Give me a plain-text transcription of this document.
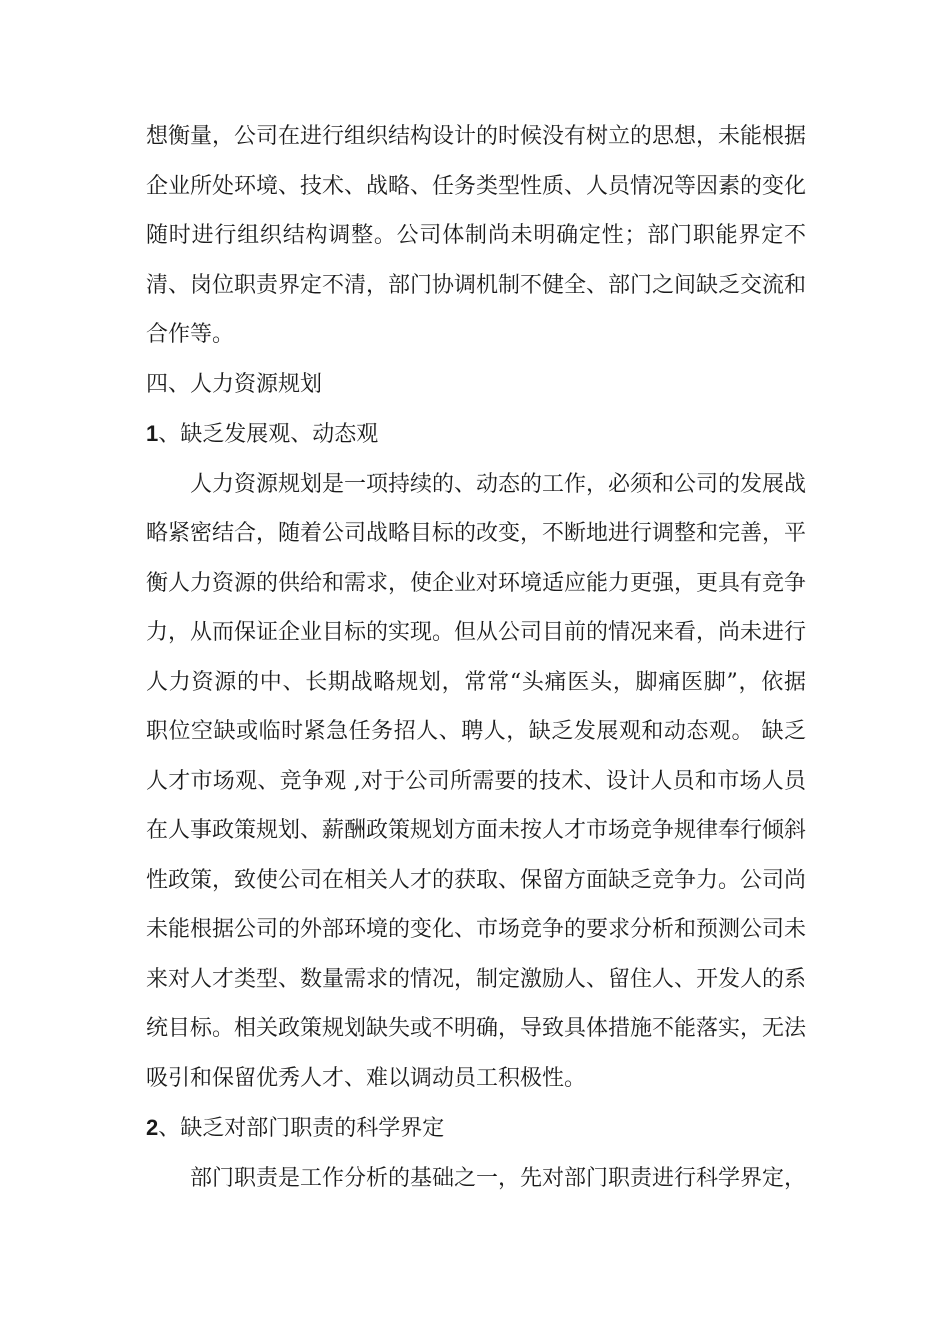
想衡量，公司在进行组织结构设计的时候没有树立的思想，未能根据企业所处环境、技术、战略、任务类型性质、人员情况等因素的变化随时进行组织结构调整。公司体制尚未明确定性；部门职能界定不清、岗位职责界定不清，部门协调机制不健全、部门之间缺乏交流和合作等。

四、人力资源规划

1、缺乏发展观、动态观

人力资源规划是一项持续的、动态的工作，必须和公司的发展战略紧密结合，随着公司战略目标的改变，不断地进行调整和完善，平衡人力资源的供给和需求，使企业对环境适应能力更强，更具有竞争力，从而保证企业目标的实现。但从公司目前的情况来看，尚未进行人力资源的中、长期战略规划，常常“头痛医头，脚痛医脚”，依据职位空缺或临时紧急任务招人、聘人，缺乏发展观和动态观。 缺乏人才市场观、竞争观 ,对于公司所需要的技术、设计人员和市场人员在人事政策规划、薪酬政策规划方面未按人才市场竞争规律奉行倾斜性政策，致使公司在相关人才的获取、保留方面缺乏竞争力。公司尚未能根据公司的外部环境的变化、市场竞争的要求分析和预测公司未来对人才类型、数量需求的情况，制定激励人、留住人、开发人的系统目标。相关政策规划缺失或不明确，导致具体措施不能落实，无法吸引和保留优秀人才、难以调动员工积极性。

2、缺乏对部门职责的科学界定

部门职责是工作分析的基础之一，先对部门职责进行科学界定，
